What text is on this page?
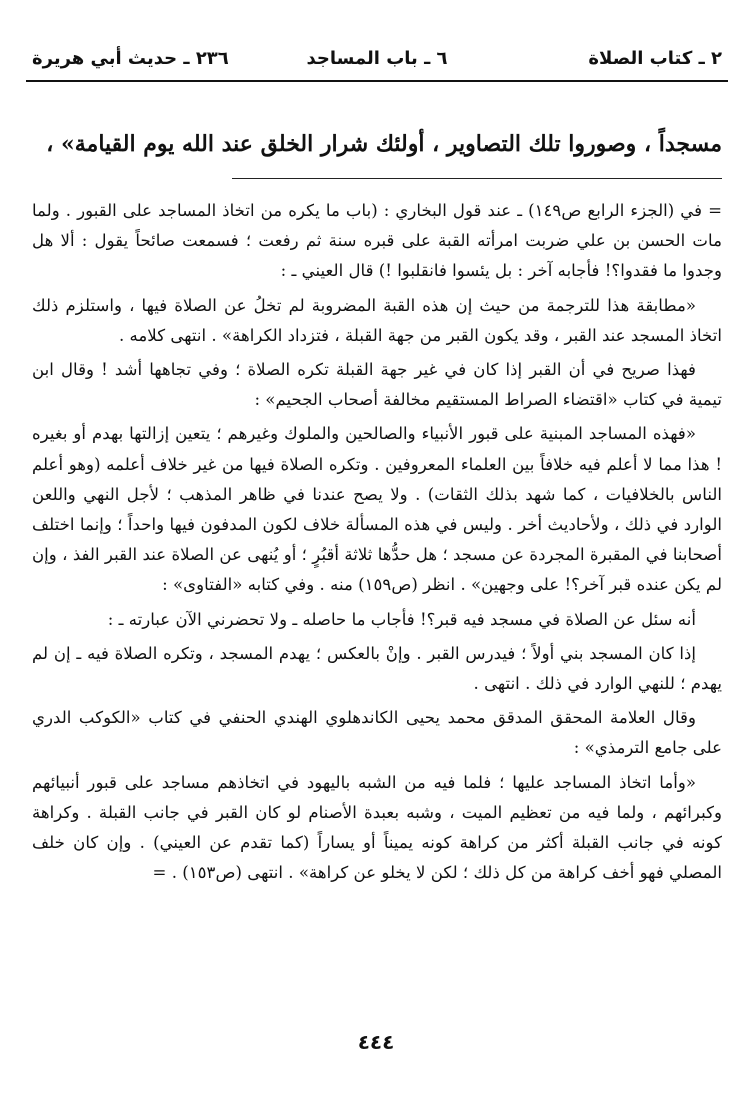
٢ ـ كتاب الصلاة
٦ ـ باب المساجد
٢٣٦ ـ حديث أبي هريرة
مسجداً ، وصوروا تلك التصاوير ، أولئك شرار الخلق عند الله يوم القيامة» ،

= في (الجزء الرابع ص١٤٩) ـ عند قول البخاري : (باب ما يكره من اتخاذ المساجد على القبور . ولما مات الحسن بن علي ضربت امرأته القبة على قبره سنة ثم رفعت ؛ فسمعت صائحاً يقول : ألا هل وجدوا ما فقدوا؟! فأجابه آخر : بل يئسوا فانقلبوا !) قال العيني ـ :

«مطابقة هذا للترجمة من حيث إن هذه القبة المضروبة لم تخلُ عن الصلاة فيها ، واستلزم ذلك اتخاذ المسجد عند القبر ، وقد يكون القبر من جهة القبلة ، فتزداد الكراهة» . انتهى كلامه .

فهذا صريح في أن القبر إذا كان في غير جهة القبلة تكره الصلاة ؛ وفي تجاهها أشد ! وقال ابن تيمية في كتاب «اقتضاء الصراط المستقيم مخالفة أصحاب الجحيم» :

«فهذه المساجد المبنية على قبور الأنبياء والصالحين والملوك وغيرهم ؛ يتعين إزالتها بهدم أو بغيره ! هذا مما لا أعلم فيه خلافاً بين العلماء المعروفين . وتكره الصلاة فيها من غير خلاف أعلمه (وهو أعلم الناس بالخلافيات ، كما شهد بذلك الثقات) . ولا يصح عندنا في ظاهر المذهب ؛ لأجل النهي واللعن الوارد في ذلك ، ولأحاديث أخر . وليس في هذه المسألة خلاف لكون المدفون فيها واحداً ؛ وإنما اختلف أصحابنا في المقبرة المجردة عن مسجد ؛ هل حدُّها ثلاثة أقبُرٍ ؛ أو يُنهى عن الصلاة عند القبر الفذ ، وإن لم يكن عنده قبر آخر؟! على وجهين» . انظر (ص١٥٩) منه . وفي كتابه «الفتاوى» :

أنه سئل عن الصلاة في مسجد فيه قبر؟! فأجاب ما حاصله ـ ولا تحضرني الآن عبارته ـ :

إذا كان المسجد بني أولاً ؛ فيدرس القبر . وإنْ بالعكس ؛ يهدم المسجد ، وتكره الصلاة فيه ـ إن لم يهدم ؛ للنهي الوارد في ذلك . انتهى .

وقال العلامة المحقق المدقق محمد يحيى الكاندهلوي الهندي الحنفي في كتاب «الكوكب الدري على جامع الترمذي» :

«وأما اتخاذ المساجد عليها ؛ فلما فيه من الشبه باليهود في اتخاذهم مساجد على قبور أنبيائهم وكبرائهم ، ولما فيه من تعظيم الميت ، وشبه بعبدة الأصنام لو كان القبر في جانب القبلة . وكراهة كونه في جانب القبلة أكثر من كراهة كونه يميناً أو يساراً (كما تقدم عن العيني) . وإن كان خلف المصلي فهو أخف كراهة من كل ذلك ؛ لكن لا يخلو عن كراهة» . انتهى (ص١٥٣) . =

٤٤٤
